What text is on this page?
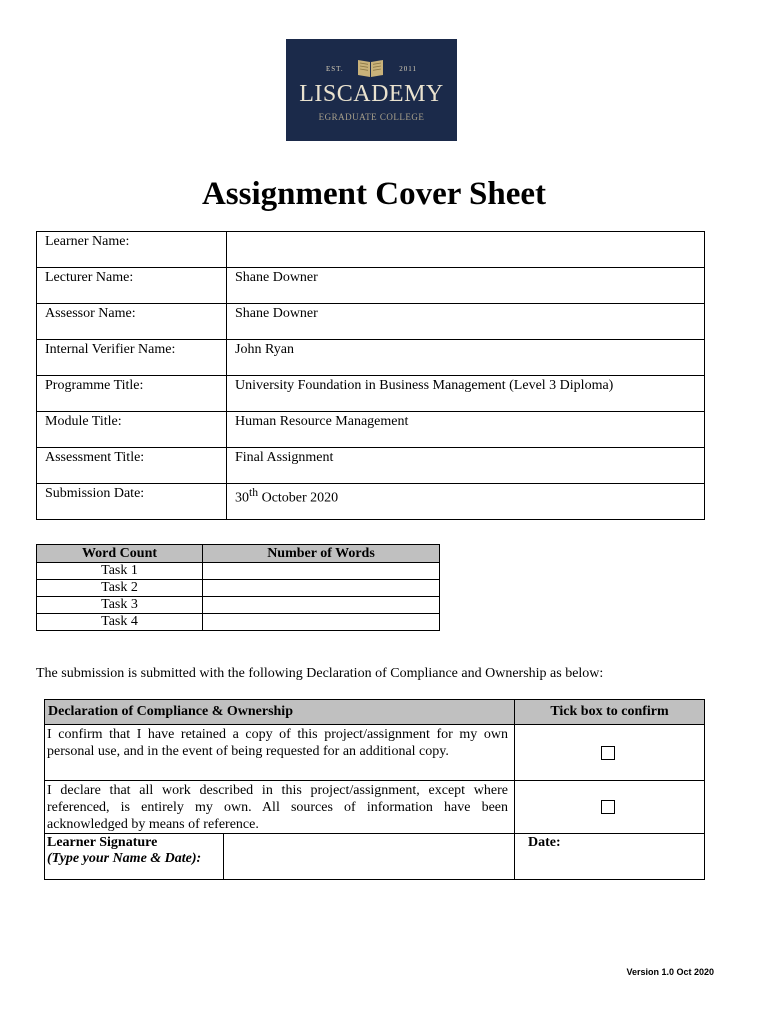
EST.	2011
LISCADEMY
EGRADUATE COLLEGE
Assignment Cover Sheet
Learner Name:	
Lecturer Name:	Shane Downer
Assessor Name:	Shane Downer
Internal Verifier Name:	John Ryan
Programme Title:	University Foundation in Business Management (Level 3 Diploma)
Module Title:	Human Resource Management
Assessment Title:	Final Assignment
Submission Date:	30th October 2020
Word Count	Number of Words
Task 1	
Task 2	
Task 3	
Task 4	
The submission is submitted with the following Declaration of Compliance and Ownership as below:
Declaration of Compliance & Ownership		Tick box to confirm
I confirm that I have retained a copy of this project/assignment for my own personal use, and in the event of being requested for an additional copy.		
I declare that all work described in this project/assignment, except where referenced, is entirely my own. All sources of information have been acknowledged by means of reference.		

Learner Signature
(Type your Name & Date):		Date:
Version 1.0 Oct 2020
